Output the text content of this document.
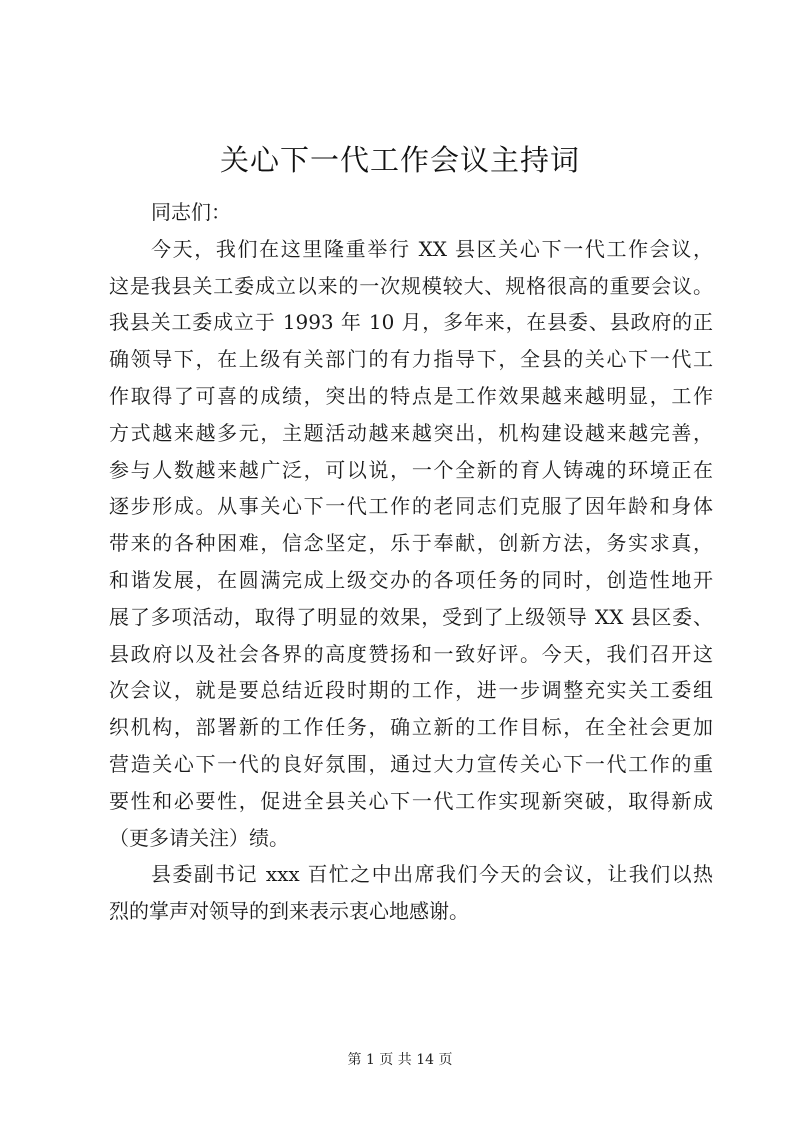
关心下一代工作会议主持词
同志们：
今天，我们在这里隆重举行 XX 县区关心下一代工作会议，
这是我县关工委成立以来的一次规模较大、规格很高的重要会议。
我县关工委成立于 1993 年 10 月，多年来，在县委、县政府的正
确领导下，在上级有关部门的有力指导下，全县的关心下一代工
作取得了可喜的成绩，突出的特点是工作效果越来越明显，工作
方式越来越多元，主题活动越来越突出，机构建设越来越完善，
参与人数越来越广泛，可以说，一个全新的育人铸魂的环境正在
逐步形成。从事关心下一代工作的老同志们克服了因年龄和身体
带来的各种困难，信念坚定，乐于奉献，创新方法，务实求真，
和谐发展，在圆满完成上级交办的各项任务的同时，创造性地开
展了多项活动，取得了明显的效果，受到了上级领导 XX 县区委、
县政府以及社会各界的高度赞扬和一致好评。今天，我们召开这
次会议，就是要总结近段时期的工作，进一步调整充实关工委组
织机构，部署新的工作任务，确立新的工作目标，在全社会更加
营造关心下一代的良好氛围，通过大力宣传关心下一代工作的重
要性和必要性，促进全县关心下一代工作实现新突破，取得新成
（更多请关注）绩。
县委副书记 xxx 百忙之中出席我们今天的会议，让我们以热
烈的掌声对领导的到来表示衷心地感谢。
第 1 页 共 14 页
